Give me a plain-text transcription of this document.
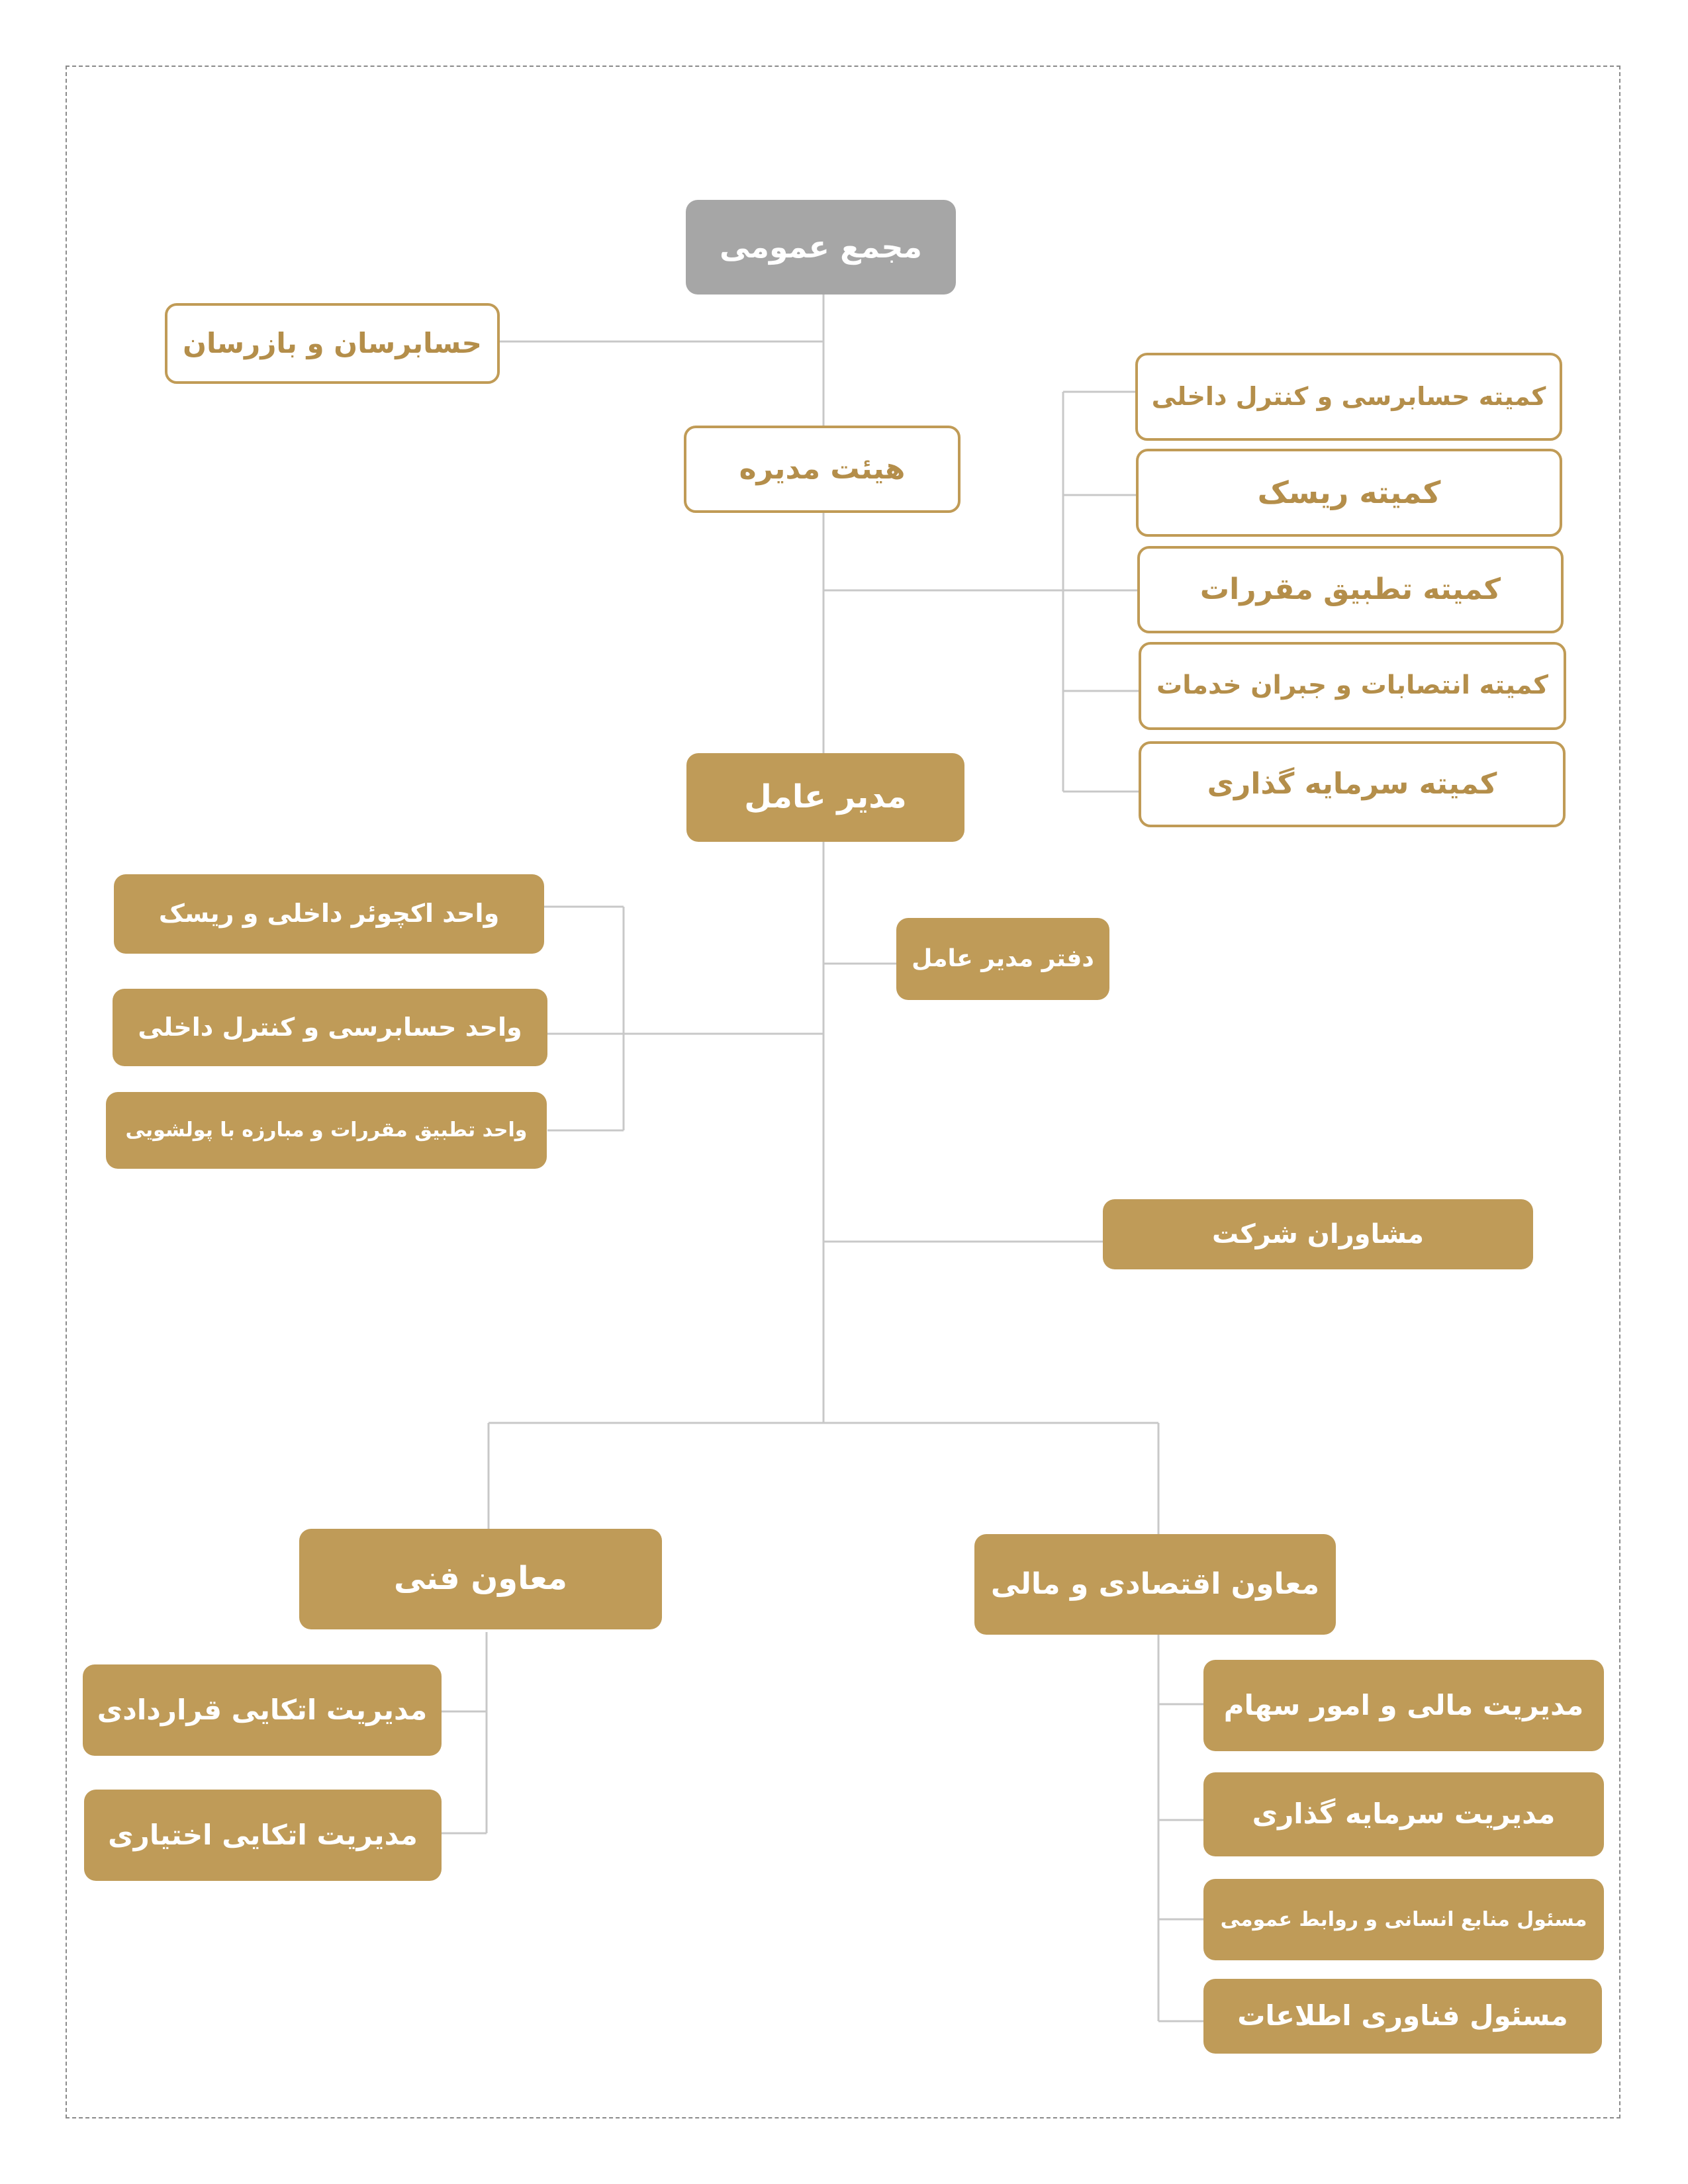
مجمع عمومی
حسابرسان و بازرسان
هیئت مدیره
کمیته حسابرسی و کنترل داخلی
کمیته ریسک
کمیته تطبیق مقررات
کمیته انتصابات و جبران خدمات
کمیته سرمایه گذاری
مدیر عامل
واحد اکچوئر داخلی و ریسک
واحد حسابرسی و کنترل داخلی
واحد تطبیق مقررات و مبارزه با پولشویی
دفتر مدیر عامل
مشاوران شرکت
معاون فنی	معاون اقتصادی و مالی
مدیریت اتکایی قراردادی
مدیریت اتکایی اختیاری
مدیریت مالی و امور سهام
مدیریت سرمایه گذاری
مسئول منابع انسانی و روابط عمومی
مسئول فناوری اطلاعات
